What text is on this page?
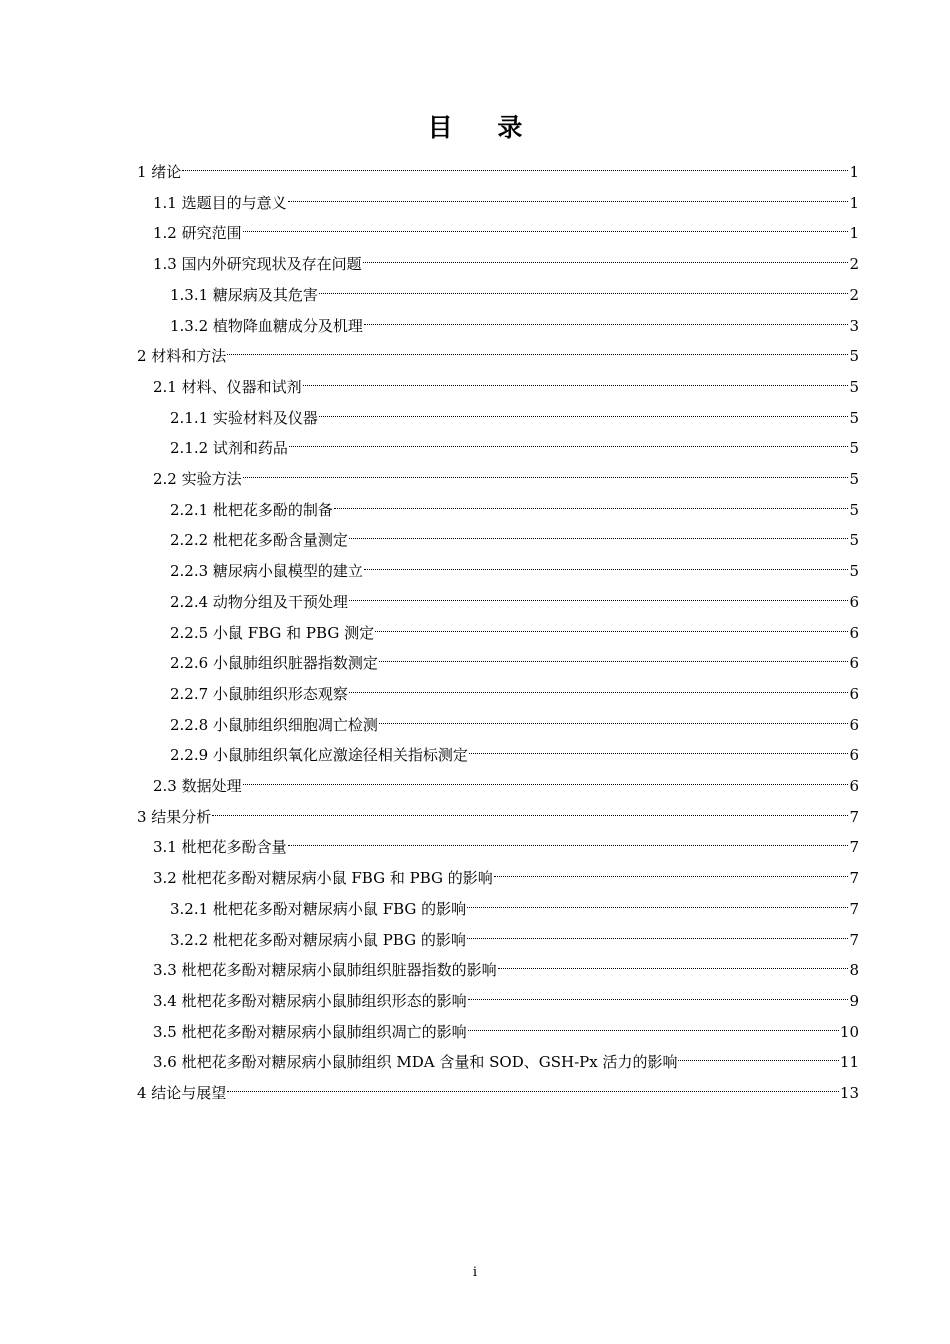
目 录
1 绪论	1
1.1 选题目的与意义	1
1.2 研究范围	1
1.3 国内外研究现状及存在问题	2
1.3.1 糖尿病及其危害	2
1.3.2 植物降血糖成分及机理	3
2 材料和方法	5
2.1 材料、仪器和试剂	5
2.1.1 实验材料及仪器	5
2.1.2 试剂和药品	5
2.2 实验方法	5
2.2.1 枇杷花多酚的制备	5
2.2.2 枇杷花多酚含量测定	5
2.2.3 糖尿病小鼠模型的建立	5
2.2.4 动物分组及干预处理	6
2.2.5 小鼠 FBG 和 PBG 测定	6
2.2.6 小鼠肺组织脏器指数测定	6
2.2.7 小鼠肺组织形态观察	6
2.2.8 小鼠肺组织细胞凋亡检测	6
2.2.9 小鼠肺组织氧化应激途径相关指标测定	6
2.3 数据处理	6
3 结果分析	7
3.1 枇杷花多酚含量	7
3.2 枇杷花多酚对糖尿病小鼠 FBG 和 PBG 的影响	7
3.2.1 枇杷花多酚对糖尿病小鼠 FBG 的影响	7
3.2.2 枇杷花多酚对糖尿病小鼠 PBG 的影响	7
3.3 枇杷花多酚对糖尿病小鼠肺组织脏器指数的影响	8
3.4 枇杷花多酚对糖尿病小鼠肺组织形态的影响	9
3.5 枇杷花多酚对糖尿病小鼠肺组织凋亡的影响	10
3.6 枇杷花多酚对糖尿病小鼠肺组织 MDA 含量和 SOD、GSH-Px 活力的影响	11
4 结论与展望	13
i
